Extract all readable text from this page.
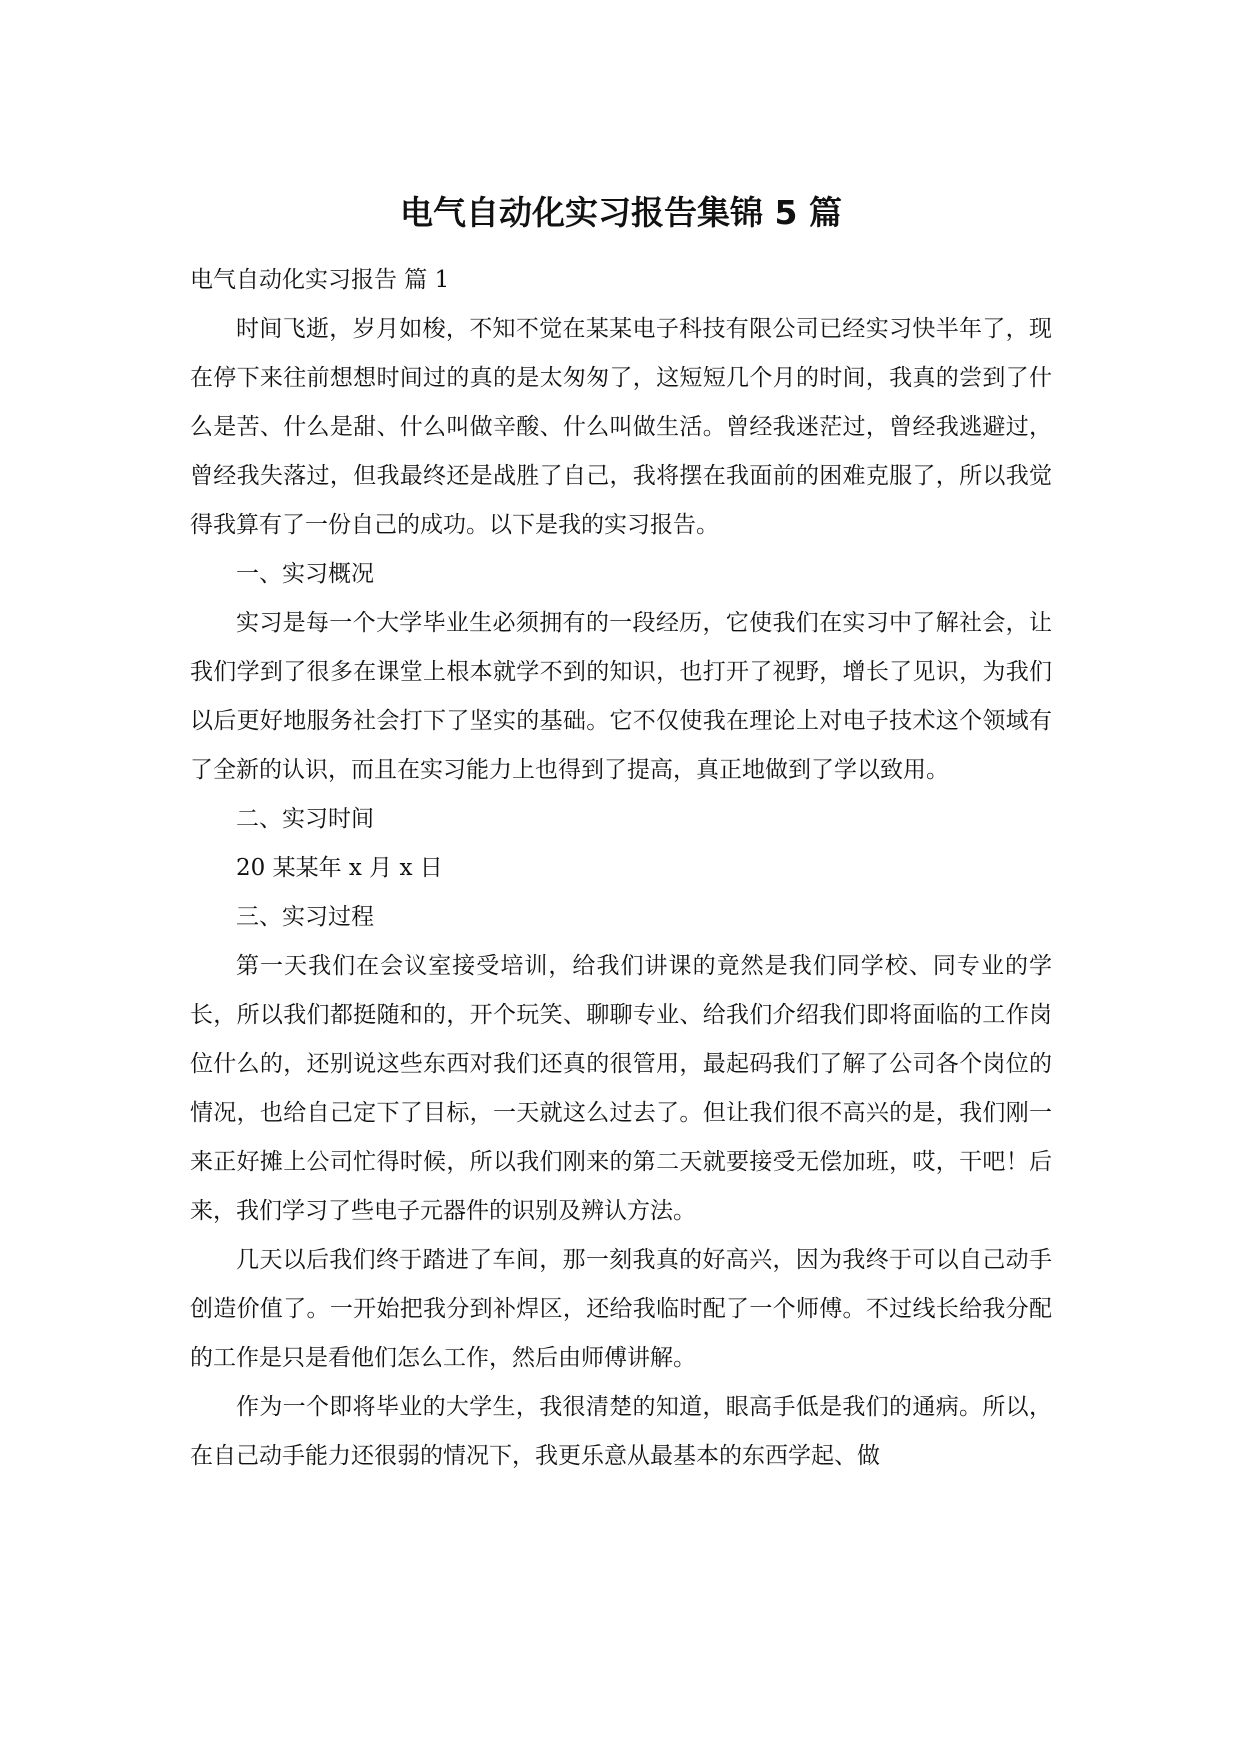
电气自动化实习报告集锦 5 篇

电气自动化实习报告 篇 1

时间飞逝，岁月如梭，不知不觉在某某电子科技有限公司已经实习快半年了，现在停下来往前想想时间过的真的是太匆匆了，这短短几个月的时间，我真的尝到了什么是苦、什么是甜、什么叫做辛酸、什么叫做生活。曾经我迷茫过，曾经我逃避过，曾经我失落过，但我最终还是战胜了自己，我将摆在我面前的困难克服了，所以我觉得我算有了一份自己的成功。以下是我的实习报告。

一、实习概况

实习是每一个大学毕业生必须拥有的一段经历，它使我们在实习中了解社会，让我们学到了很多在课堂上根本就学不到的知识，也打开了视野，增长了见识，为我们以后更好地服务社会打下了坚实的基础。它不仅使我在理论上对电子技术这个领域有了全新的认识，而且在实习能力上也得到了提高，真正地做到了学以致用。

二、实习时间

20 某某年 x 月 x 日

三、实习过程

第一天我们在会议室接受培训，给我们讲课的竟然是我们同学校、同专业的学长，所以我们都挺随和的，开个玩笑、聊聊专业、给我们介绍我们即将面临的工作岗位什么的，还别说这些东西对我们还真的很管用，最起码我们了解了公司各个岗位的情况，也给自己定下了目标，一天就这么过去了。但让我们很不高兴的是，我们刚一来正好摊上公司忙得时候，所以我们刚来的第二天就要接受无偿加班，哎，干吧！后来，我们学习了些电子元器件的识别及辨认方法。

几天以后我们终于踏进了车间，那一刻我真的好高兴，因为我终于可以自己动手创造价值了。一开始把我分到补焊区，还给我临时配了一个师傅。不过线长给我分配的工作是只是看他们怎么工作，然后由师傅讲解。

作为一个即将毕业的大学生，我很清楚的知道，眼高手低是我们的通病。所以，在自己动手能力还很弱的情况下，我更乐意从最基本的东西学起、做
